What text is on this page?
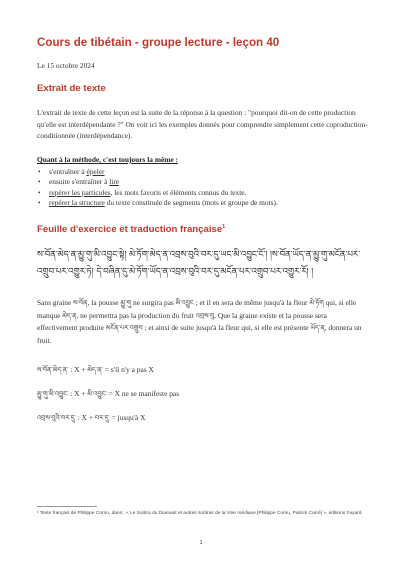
Cours de tibétain - groupe lecture - leçon 40
Le 15 octobre 2024
Extrait de texte
L'extrait de texte de cette leçon est la suite de la réponse à la question : "pourquoi dit-on de cette production qu'elle est interdépendante ?" On voit ici les exemples donnés pour comprendre simplement cette coproduction-conditionnée (interdépendance).
Quant à la méthode, c'est toujours la même :
• s'entraîner à épeler
• ensuite s'entraîner à lire
• repérer les particules, les mots favoris et éléments connus du texte.
• repérer la structure du texte constituée de segments (mots et groupe de mots).
Feuille d'exercice et traduction française$^1$
ས་བོན་མེད་ན་མྱུ་གུ་མི་འབྱུང་སྟེ། མེ་ཏོག་མེད་ན་འབྲས་བུའི་བར་དུ་ཡང་མི་འབྱུང་ངོ་། །ས་བོན་ཡོད་ན་མྱུ་གུ་མངོན་པར་འགྲུབ་པར་འགྱུར་ཏེ། དེ་བཞིན་དུ་མེ་ཏོག་ཡོད་ན་འབྲས་བུའི་བར་དུ་མངོན་པར་འགྲུབ་པར་འགྱུར་རོ། །
Sans graine ས་བོན, la pousse མྱུ་གུ ne surgira pas མི་འབྱུང ; et il en sera de même jusqu'à la fleur མེ་ཏོག qui, si elle manque མེད་ན, ne permettra pas la production du fruit འབྲས་བུ. Que la graine existe et la pousse sera effectivement produite མངོན་པར་འགྲུབ ; et ainsi de suite jusqu'à la fleur qui, si elle est présente ཡོད་ན, donnera un fruit.
ས་བོན་མེད་ན་ : X + མེད་ན་ = s'il n'y a pas X
མྱུ་གུ་མི་འབྱུང་ : X + མི་འབྱུང་ = X ne se manifeste pas
འབྲས་བུའི་བར་དུ་ : X + བར་དུ་ = jusqu'à X
¹ Texte français de Philippe Cornu, dans : « Le Soûtra du Diamant et autres soûtras de la Voie médiane [Philippe Cornu, Patrick Carré] », éditions Fayard.
1
